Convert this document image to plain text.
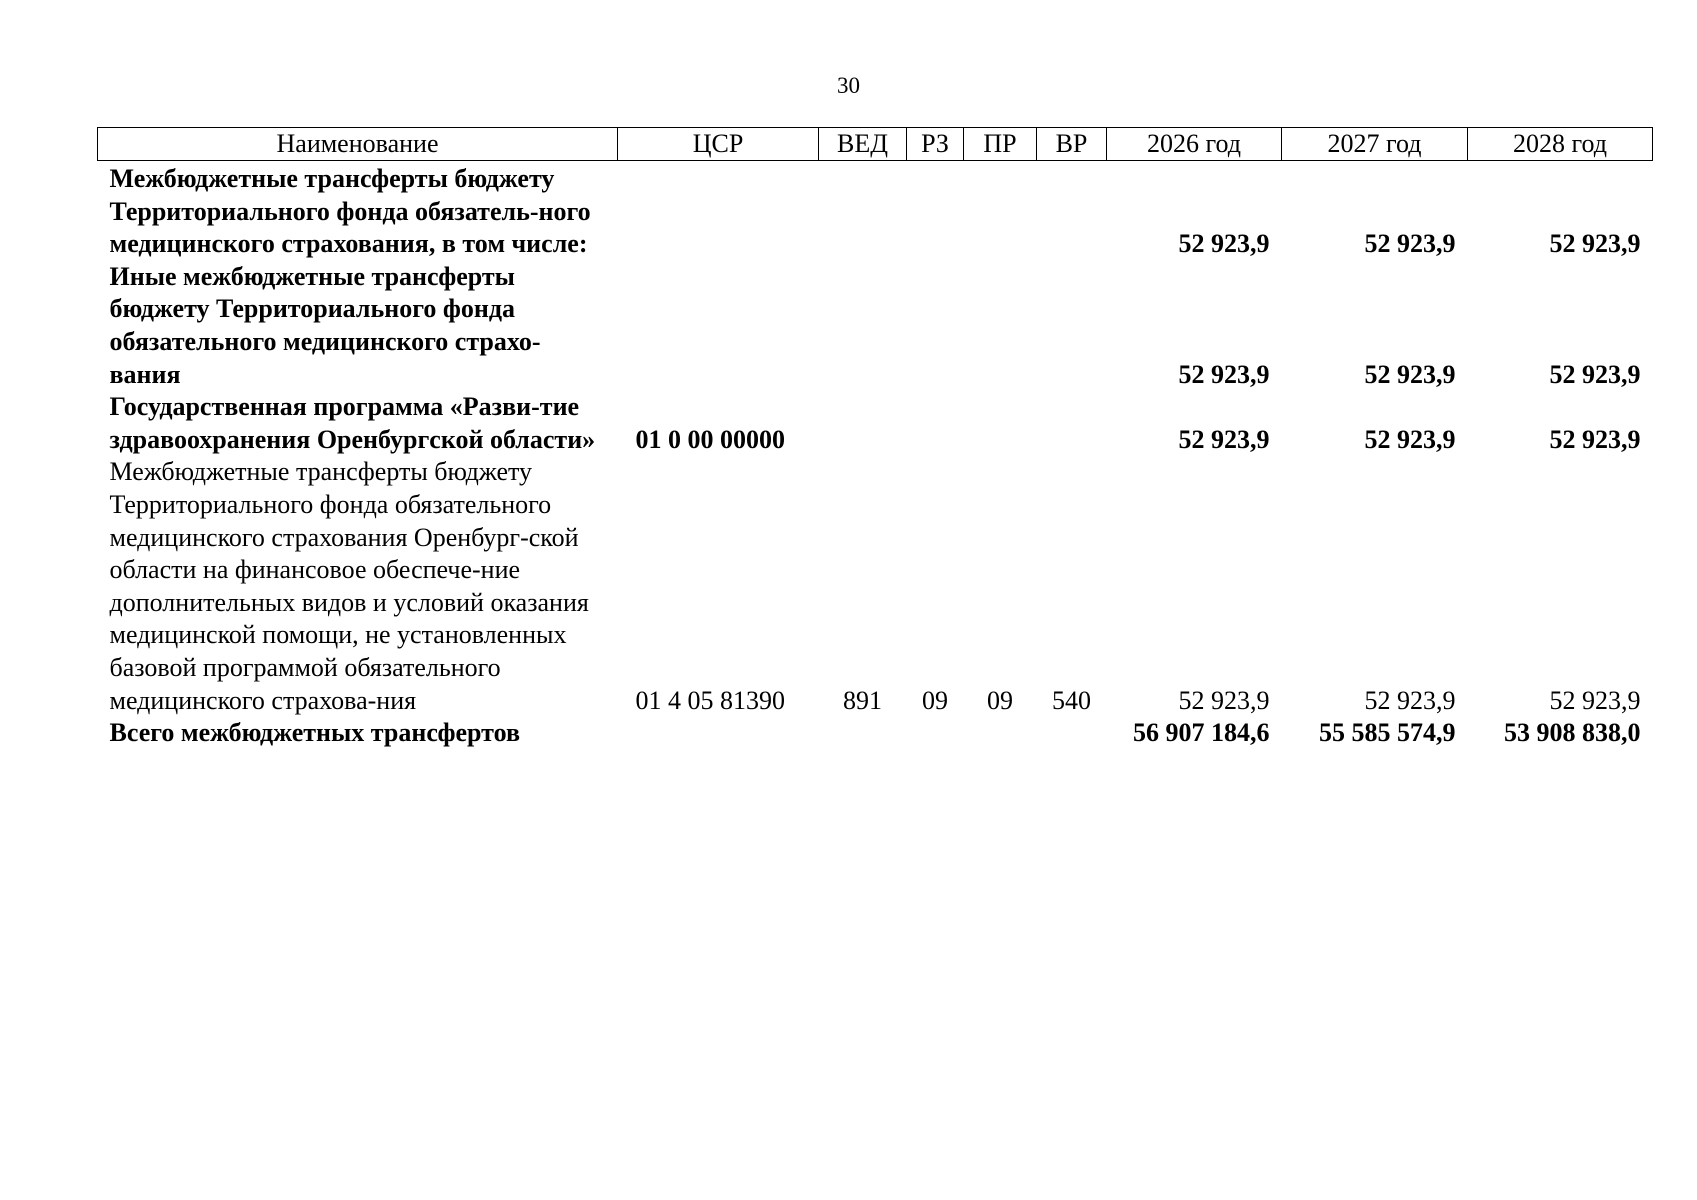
30
Наименование	ЦСР	ВЕД	РЗ	ПР	ВР	2026 год	2027 год	2028 год
Межбюджетные трансферты бюджету Территориального фонда обязатель-ного медицинского страхования, в том числе:						52 923,9	52 923,9	52 923,9
Иные межбюджетные трансферты бюджету Территориального фонда обязательного медицинского страхо-вания						52 923,9	52 923,9	52 923,9
Государственная программа «Разви-тие здравоохранения Оренбургской области»	01 0 00 00000					52 923,9	52 923,9	52 923,9
Межбюджетные трансферты бюджету Территориального фонда обязательного медицинского страхования Оренбург-ской области на финансовое обеспече-ние дополнительных видов и условий оказания медицинской помощи, не установленных базовой программой обязательного медицинского страхова-ния	01 4 05 81390	891	09	09	540	52 923,9	52 923,9	52 923,9
Всего межбюджетных трансфертов						56 907 184,6	55 585 574,9	53 908 838,0
